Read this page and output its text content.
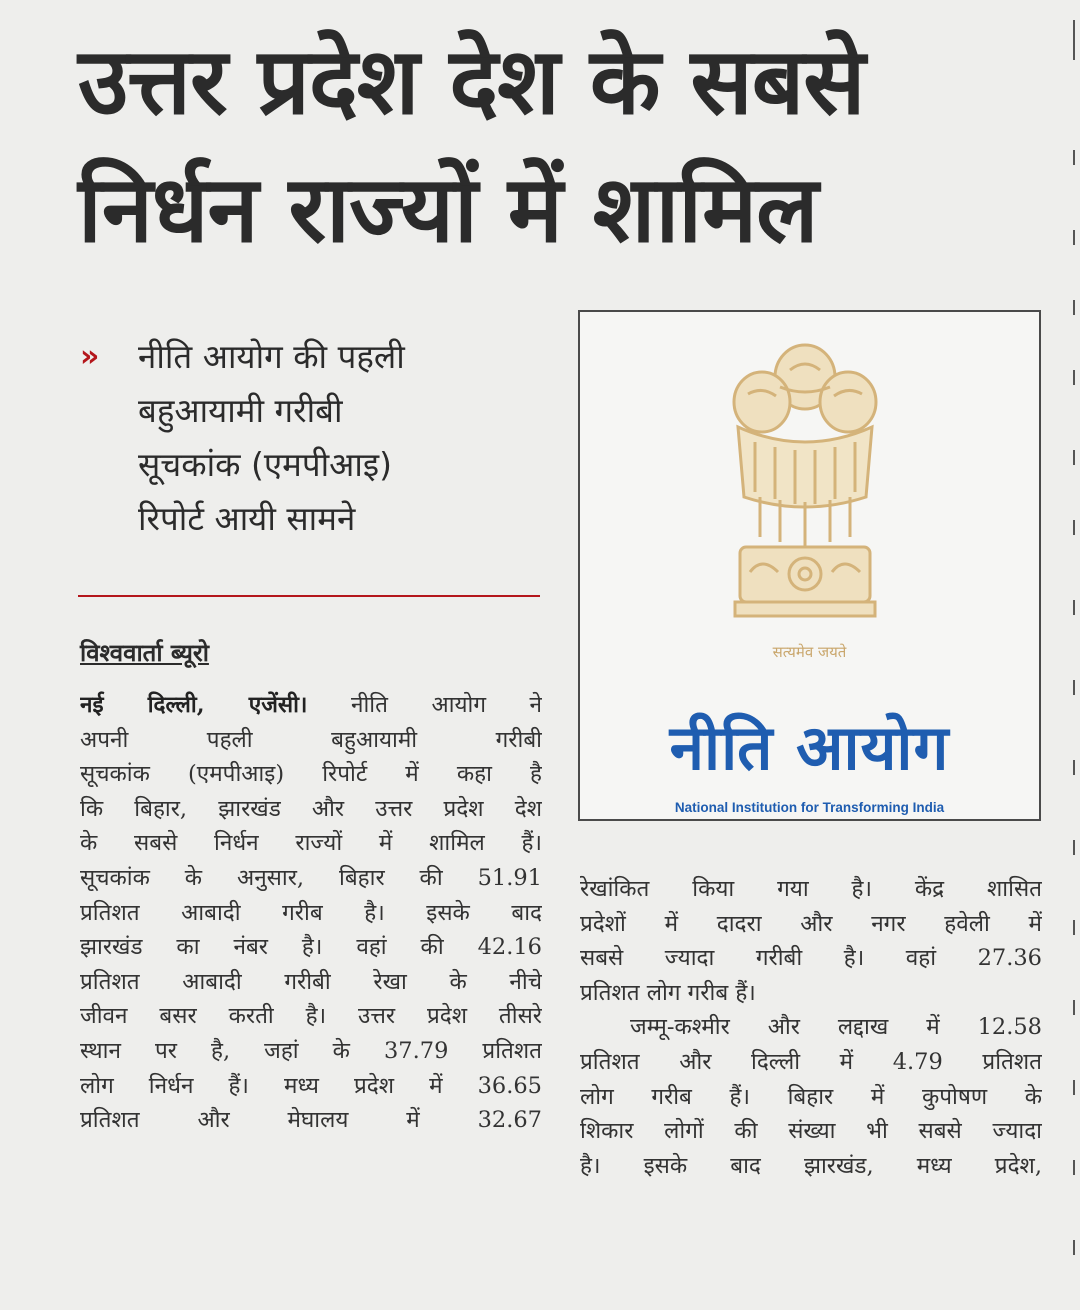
उत्तर प्रदेश देश के सबसे
निर्धन राज्यों में शामिल
» नीति आयोग की पहली
बहुआयामी गरीबी
सूचकांक (एमपीआइ)
रिपोर्ट आयी सामने
विश्ववार्ता ब्यूरो
नई दिल्ली, एजेंसी। नीति आयोग ने
अपनी पहली बहुआयामी गरीबी
सूचकांक (एमपीआइ) रिपोर्ट में कहा है
कि बिहार, झारखंड और उत्तर प्रदेश देश
के सबसे निर्धन राज्यों में शामिल हैं।
सूचकांक के अनुसार, बिहार की 51.91
प्रतिशत आबादी गरीब है। इसके बाद
झारखंड का नंबर है। वहां की 42.16
प्रतिशत आबादी गरीबी रेखा के नीचे
जीवन बसर करती है। उत्तर प्रदेश तीसरे
स्थान पर है, जहां के 37.79 प्रतिशत
लोग निर्धन हैं। मध्य प्रदेश में 36.65
प्रतिशत और मेघालय में 32.67
रेखांकित किया गया है। केंद्र शासित
प्रदेशों में दादरा और नगर हवेली में
सबसे ज्यादा गरीबी है। वहां 27.36
प्रतिशत लोग गरीब हैं।
जम्मू-कश्मीर और लद्दाख में 12.58
प्रतिशत और दिल्ली में 4.79 प्रतिशत
लोग गरीब हैं। बिहार में कुपोषण के
शिकार लोगों की संख्या भी सबसे ज्यादा
है। इसके बाद झारखंड, मध्य प्रदेश,
सत्यमेव जयते
नीति आयोग
National Institution for Transforming India
